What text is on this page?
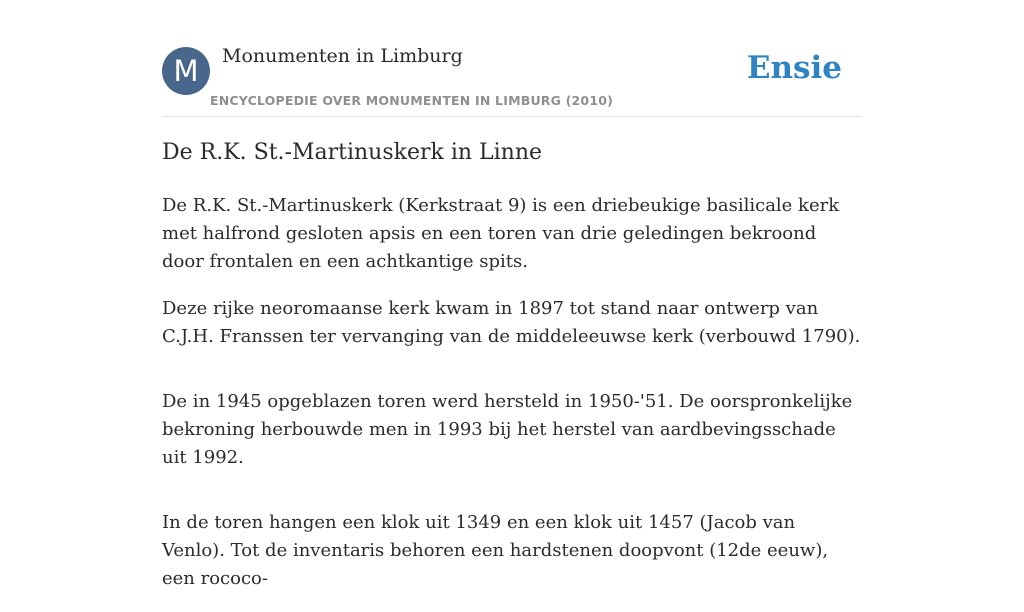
M	Monumenten in Limburg
ENCYCLOPEDIE OVER MONUMENTEN IN LIMBURG (2010)
Ensie
De R.K. St.-Martinuskerk in Linne

De R.K. St.-Martinuskerk (Kerkstraat 9) is een driebeukige basilicale kerk met halfrond gesloten apsis en een toren van drie geledingen bekroond door frontalen en een achtkantige spits.

Deze rijke neoromaanse kerk kwam in 1897 tot stand naar ontwerp van C.J.H. Franssen ter vervanging van de middeleeuwse kerk (verbouwd 1790).

De in 1945 opgeblazen toren werd hersteld in 1950-'51. De oorspronkelijke bekroning herbouwde men in 1993 bij het herstel van aardbevingsschade uit 1992.

In de toren hangen een klok uit 1349 en een klok uit 1457 (Jacob van Venlo). Tot de inventaris behoren een hardstenen doopvont (12de eeuw), een rococo-
